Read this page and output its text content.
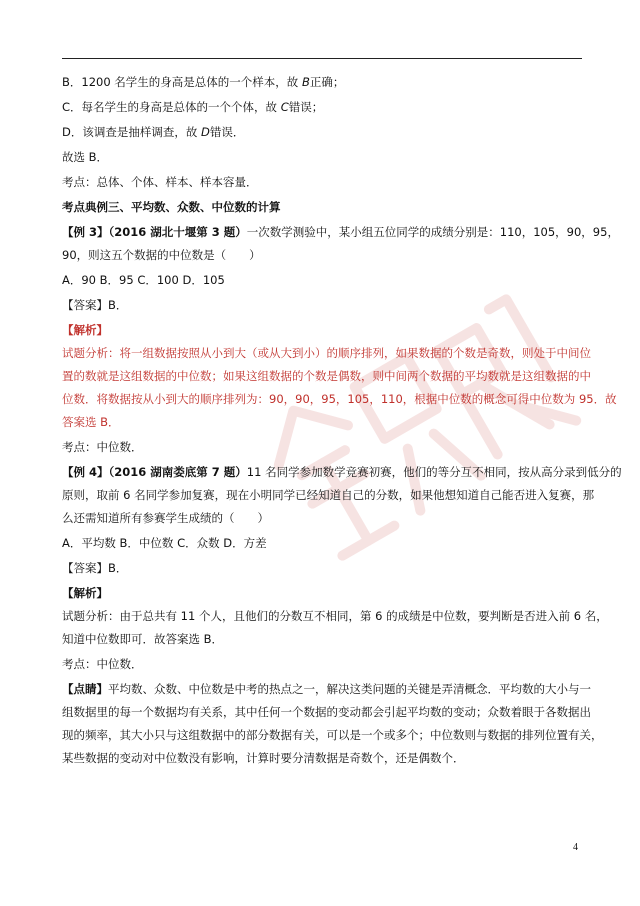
B．1200 名学生的身高是总体的一个样本，故 B正确；

C．每名学生的身高是总体的一个个体，故 C错误；

D．该调查是抽样调查，故 D错误．

故选 B．

考点：总体、个体、样本、样本容量．

考点典例三、平均数、众数、中位数的计算

【例 3】（2016 湖北十堰第 3 题）一次数学测验中，某小组五位同学的成绩分别是：110，105，90，95，

90，则这五个数据的中位数是（　　）

A．90 B．95 C．100 D．105

【答案】B．

【解析】

试题分析：将一组数据按照从小到大（或从大到小）的顺序排列，如果数据的个数是奇数，则处于中间位

置的数就是这组数据的中位数；如果这组数据的个数是偶数，则中间两个数据的平均数就是这组数据的中

位数．将数据按从小到大的顺序排列为：90，90，95，105，110，根据中位数的概念可得中位数为 95．故

答案选 B．

考点：中位数．

【例 4】（2016 湖南娄底第 7 题）11 名同学参加数学竞赛初赛，他们的等分互不相同，按从高分录到低分的

原则，取前 6 名同学参加复赛，现在小明同学已经知道自己的分数，如果他想知道自己能否进入复赛，那

么还需知道所有参赛学生成绩的（　　）

A．平均数 B．中位数 C．众数 D．方差

【答案】B．

【解析】

试题分析：由于总共有 11 个人，且他们的分数互不相同，第 6 的成绩是中位数，要判断是否进入前 6 名，

知道中位数即可．故答案选 B．

考点：中位数．

【点睛】平均数、众数、中位数是中考的热点之一，解决这类问题的关键是弄清概念．平均数的大小与一

组数据里的每一个数据均有关系，其中任何一个数据的变动都会引起平均数的变动；众数着眼于各数据出

现的频率，其大小只与这组数据中的部分数据有关，可以是一个或多个；中位数则与数据的排列位置有关，

某些数据的变动对中位数没有影响，计算时要分清数据是奇数个，还是偶数个．

4
